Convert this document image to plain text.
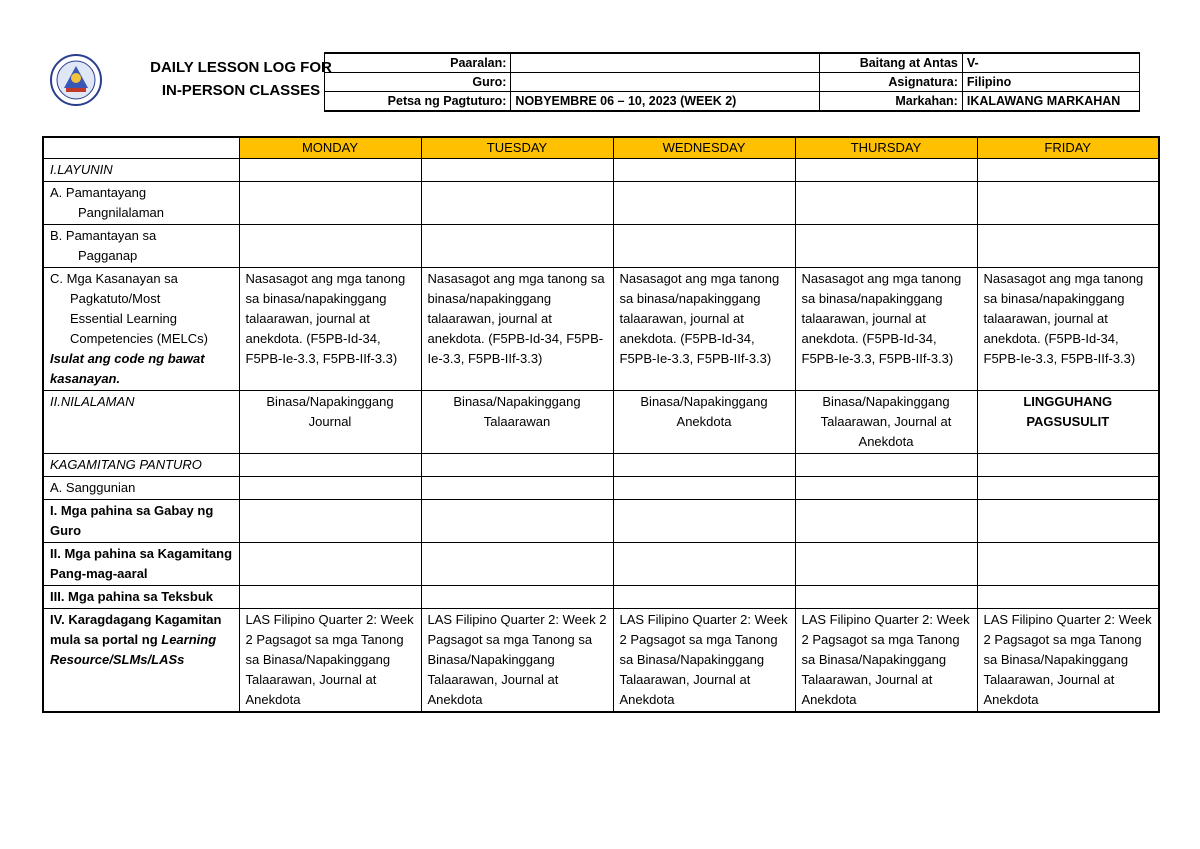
DAILY LESSON LOG FOR
IN-PERSON CLASSES
Paaralan:		Baitang at Antas	V-
Guro:		Asignatura:	Filipino
Petsa ng Pagtuturo:	NOBYEMBRE 06 – 10, 2023 (WEEK 2)	Markahan:	IKALAWANG MARKAHAN
	MONDAY	TUESDAY	WEDNESDAY	THURSDAY	FRIDAY
I.LAYUNIN					

A. Pamantayang
Pangnilalaman					

B. Pamantayan sa
Pagganap					

C. Mga Kasanayan sa
Pagkatuto/Most
Essential Learning
Competencies (MELCs)
Isulat ang code ng bawat kasanayan.	Nasasagot ang mga tanong sa binasa/napakinggang talaarawan, journal at anekdota. (F5PB-Id-34, F5PB-Ie-3.3, F5PB-IIf-3.3)	Nasasagot ang mga tanong sa binasa/napakinggang talaarawan, journal at anekdota. (F5PB-Id-34, F5PB-Ie-3.3, F5PB-IIf-3.3)	Nasasagot ang mga tanong sa binasa/napakinggang talaarawan, journal at anekdota. (F5PB-Id-34, F5PB-Ie-3.3, F5PB-IIf-3.3)	Nasasagot ang mga tanong sa binasa/napakinggang talaarawan, journal at anekdota. (F5PB-Id-34, F5PB-Ie-3.3, F5PB-IIf-3.3)	Nasasagot ang mga tanong sa binasa/napakinggang talaarawan, journal at anekdota. (F5PB-Id-34, F5PB-Ie-3.3, F5PB-IIf-3.3)
II.NILALAMAN	Binasa/Napakinggang Journal	Binasa/Napakinggang Talaarawan	Binasa/Napakinggang Anekdota	Binasa/Napakinggang Talaarawan, Journal at Anekdota	LINGGUHANG PAGSUSULIT
KAGAMITANG PANTURO					
A. Sanggunian					
I. Mga pahina sa Gabay ng Guro					
II. Mga pahina sa Kagamitang Pang-mag-aaral					
III. Mga pahina sa Teksbuk					
IV. Karagdagang Kagamitan mula sa portal ng Learning Resource/SLMs/LASs	LAS Filipino Quarter 2: Week 2 Pagsagot sa mga Tanong sa Binasa/Napakinggang Talaarawan, Journal at Anekdota	LAS Filipino Quarter 2: Week 2 Pagsagot sa mga Tanong sa Binasa/Napakinggang Talaarawan, Journal at Anekdota	LAS Filipino Quarter 2: Week 2 Pagsagot sa mga Tanong sa Binasa/Napakinggang Talaarawan, Journal at Anekdota	LAS Filipino Quarter 2: Week 2 Pagsagot sa mga Tanong sa Binasa/Napakinggang Talaarawan, Journal at Anekdota	LAS Filipino Quarter 2: Week 2 Pagsagot sa mga Tanong sa Binasa/Napakinggang Talaarawan, Journal at Anekdota
